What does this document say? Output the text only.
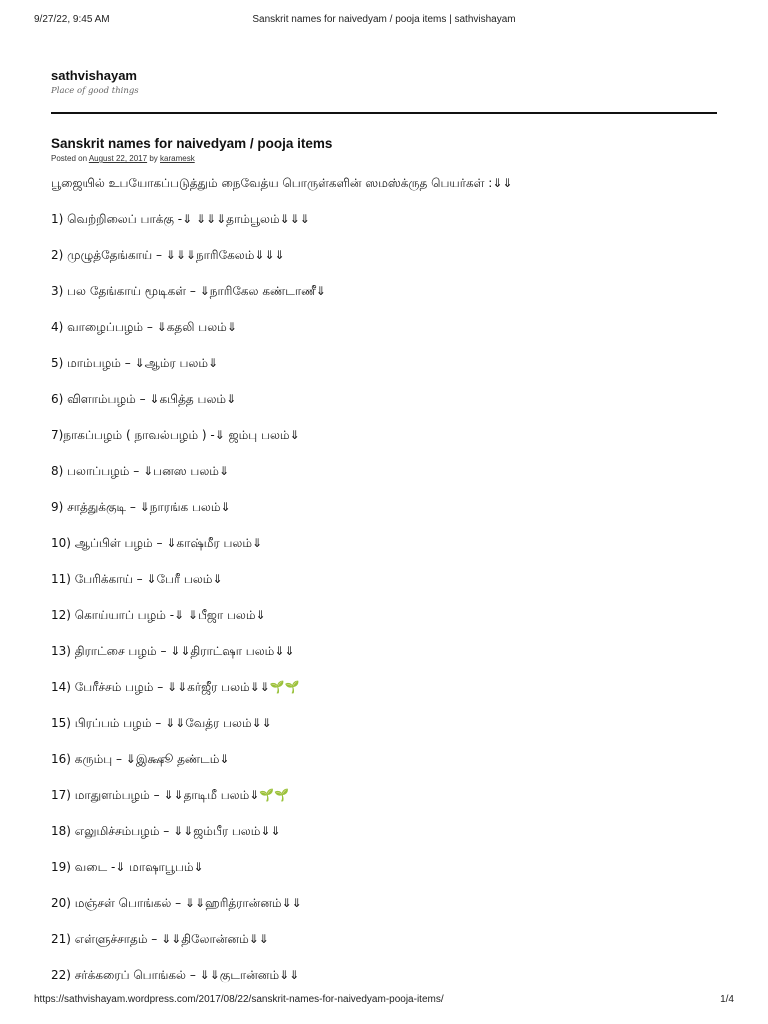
9/27/22, 9:45 AM	Sanskrit names for naivedyam / pooja items | sathvishayam
sathvishayam
Place of good things
Sanskrit names for naivedyam / pooja items
Posted on August 22, 2017 by karamesk

பூஜையில் உபயோகப்படுத்தும் நைவேத்ய பொருள்களின் ஸமஸ்க்ருத பெயர்கள் :⇓⇓

1) வெற்றிலைப் பாக்கு -⇓ ⇓⇓⇓தாம்பூலம்⇓⇓⇓
2) முழுத்தேங்காய் – ⇓⇓⇓நாரிகேலம்⇓⇓⇓
3) பல தேங்காய் மூடிகள் – ⇓நாரிகேல கண்டாணீ⇓
4) வாழைப்பழம் – ⇓கதலி பலம்⇓
5) மாம்பழம் – ⇓ஆம்ர பலம்⇓
6) விளாம்பழம் – ⇓கபித்த பலம்⇓
7)நாகப்பழம் ( நாவல்பழம் ) -⇓ ஜம்பு பலம்⇓
8) பலாப்பழம் – ⇓பனஸ பலம்⇓
9) சாத்துக்குடி – ⇓நாரங்க பலம்⇓
10) ஆப்பிள் பழம் – ⇓காஷ்மீர பலம்⇓
11) பேரிக்காய் – ⇓பேரீ பலம்⇓
12) கொய்யாப் பழம் -⇓ ⇓பீஜா பலம்⇓
13) திராட்சை பழம் – ⇓⇓திராட்ஷா பலம்⇓⇓
14) பேரீச்சம் பழம் – ⇓⇓கர்ஜீர பலம்⇓⇓🌱🌱
15) பிரப்பம் பழம் – ⇓⇓வேத்ர பலம்⇓⇓
16) கரும்பு – ⇓இக்ஷூ தண்டம்⇓
17) மாதுளம்பழம் – ⇓⇓தாடிமீ பலம்⇓🌱🌱
18) எலுமிச்சம்பழம் – ⇓⇓ஜம்பீர பலம்⇓⇓
19) வடை -⇓ மாஷாபூபம்⇓
20) மஞ்சள் பொங்கல் – ⇓⇓ஹரித்ரான்னம்⇓⇓
21) எள்ளுச்சாதம் – ⇓⇓திலோன்னம்⇓⇓
22) சர்க்கரைப் பொங்கல் – ⇓⇓குடான்னம்⇓⇓
https://sathvishayam.wordpress.com/2017/08/22/sanskrit-names-for-naivedyam-pooja-items/	1/4
